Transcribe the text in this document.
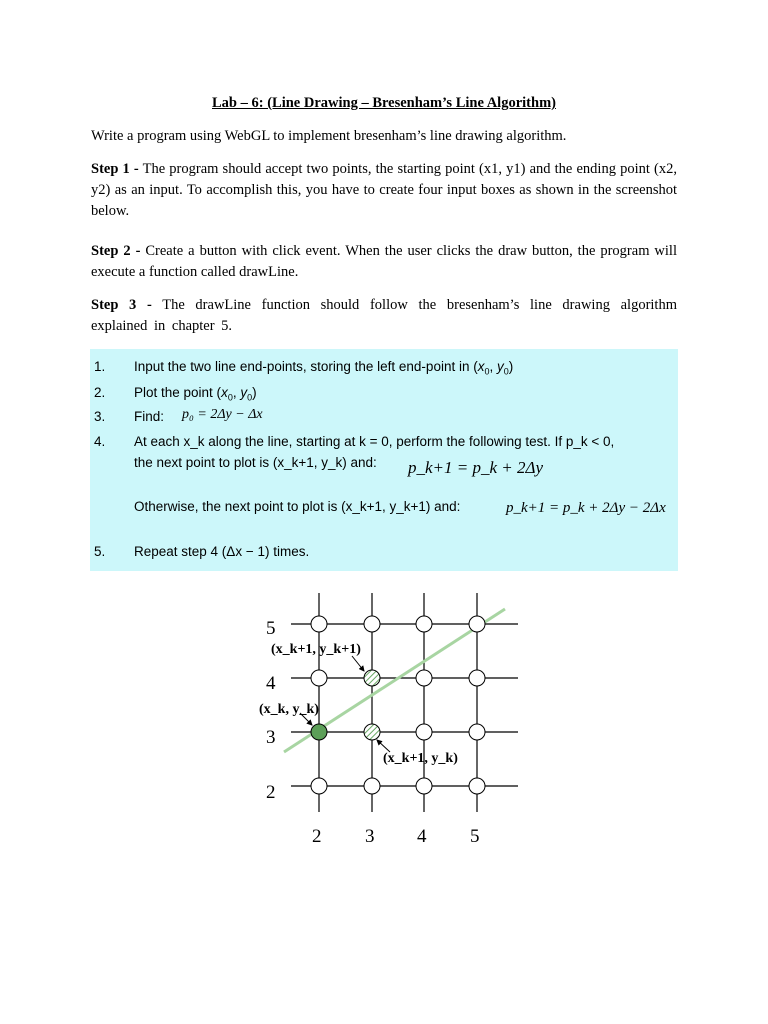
Lab – 6: (Line Drawing – Bresenham’s Line Algorithm)
Write a program using WebGL to implement bresenham’s line drawing algorithm.
Step 1 - The program should accept two points, the starting point (x1, y1) and the ending point (x2, y2) as an input. To accomplish this, you have to create four input boxes as shown in the screenshot below.
Step 2 - Create a button with click event. When the user clicks the draw button, the program will execute a function called drawLine.
Step 3 - The drawLine function should follow the bresenham’s line drawing algorithm explained in chapter 5.
1. Input the two line end-points, storing the left end-point in ($x_0$, $y_0$)
2. Plot the point ($x_0$, $y_0$)
3. Find: p₀ = 2Δy − Δx
4. At each x_k along the line, starting at k = 0, perform the following test. If p_k < 0,
the next point to plot is (x_k+1, y_k) and: p_k+1 = p_k + 2Δy
Otherwise, the next point to plot is (x_k+1, y_k+1) and:	p_k+1 = p_k + 2Δy − 2Δx
5. Repeat step 4 (Δx − 1) times.
2 3 4 5
5
4
3
2
(x_k+1, y_k+1)
(x_k, y_k)
(x_k+1, y_k)
